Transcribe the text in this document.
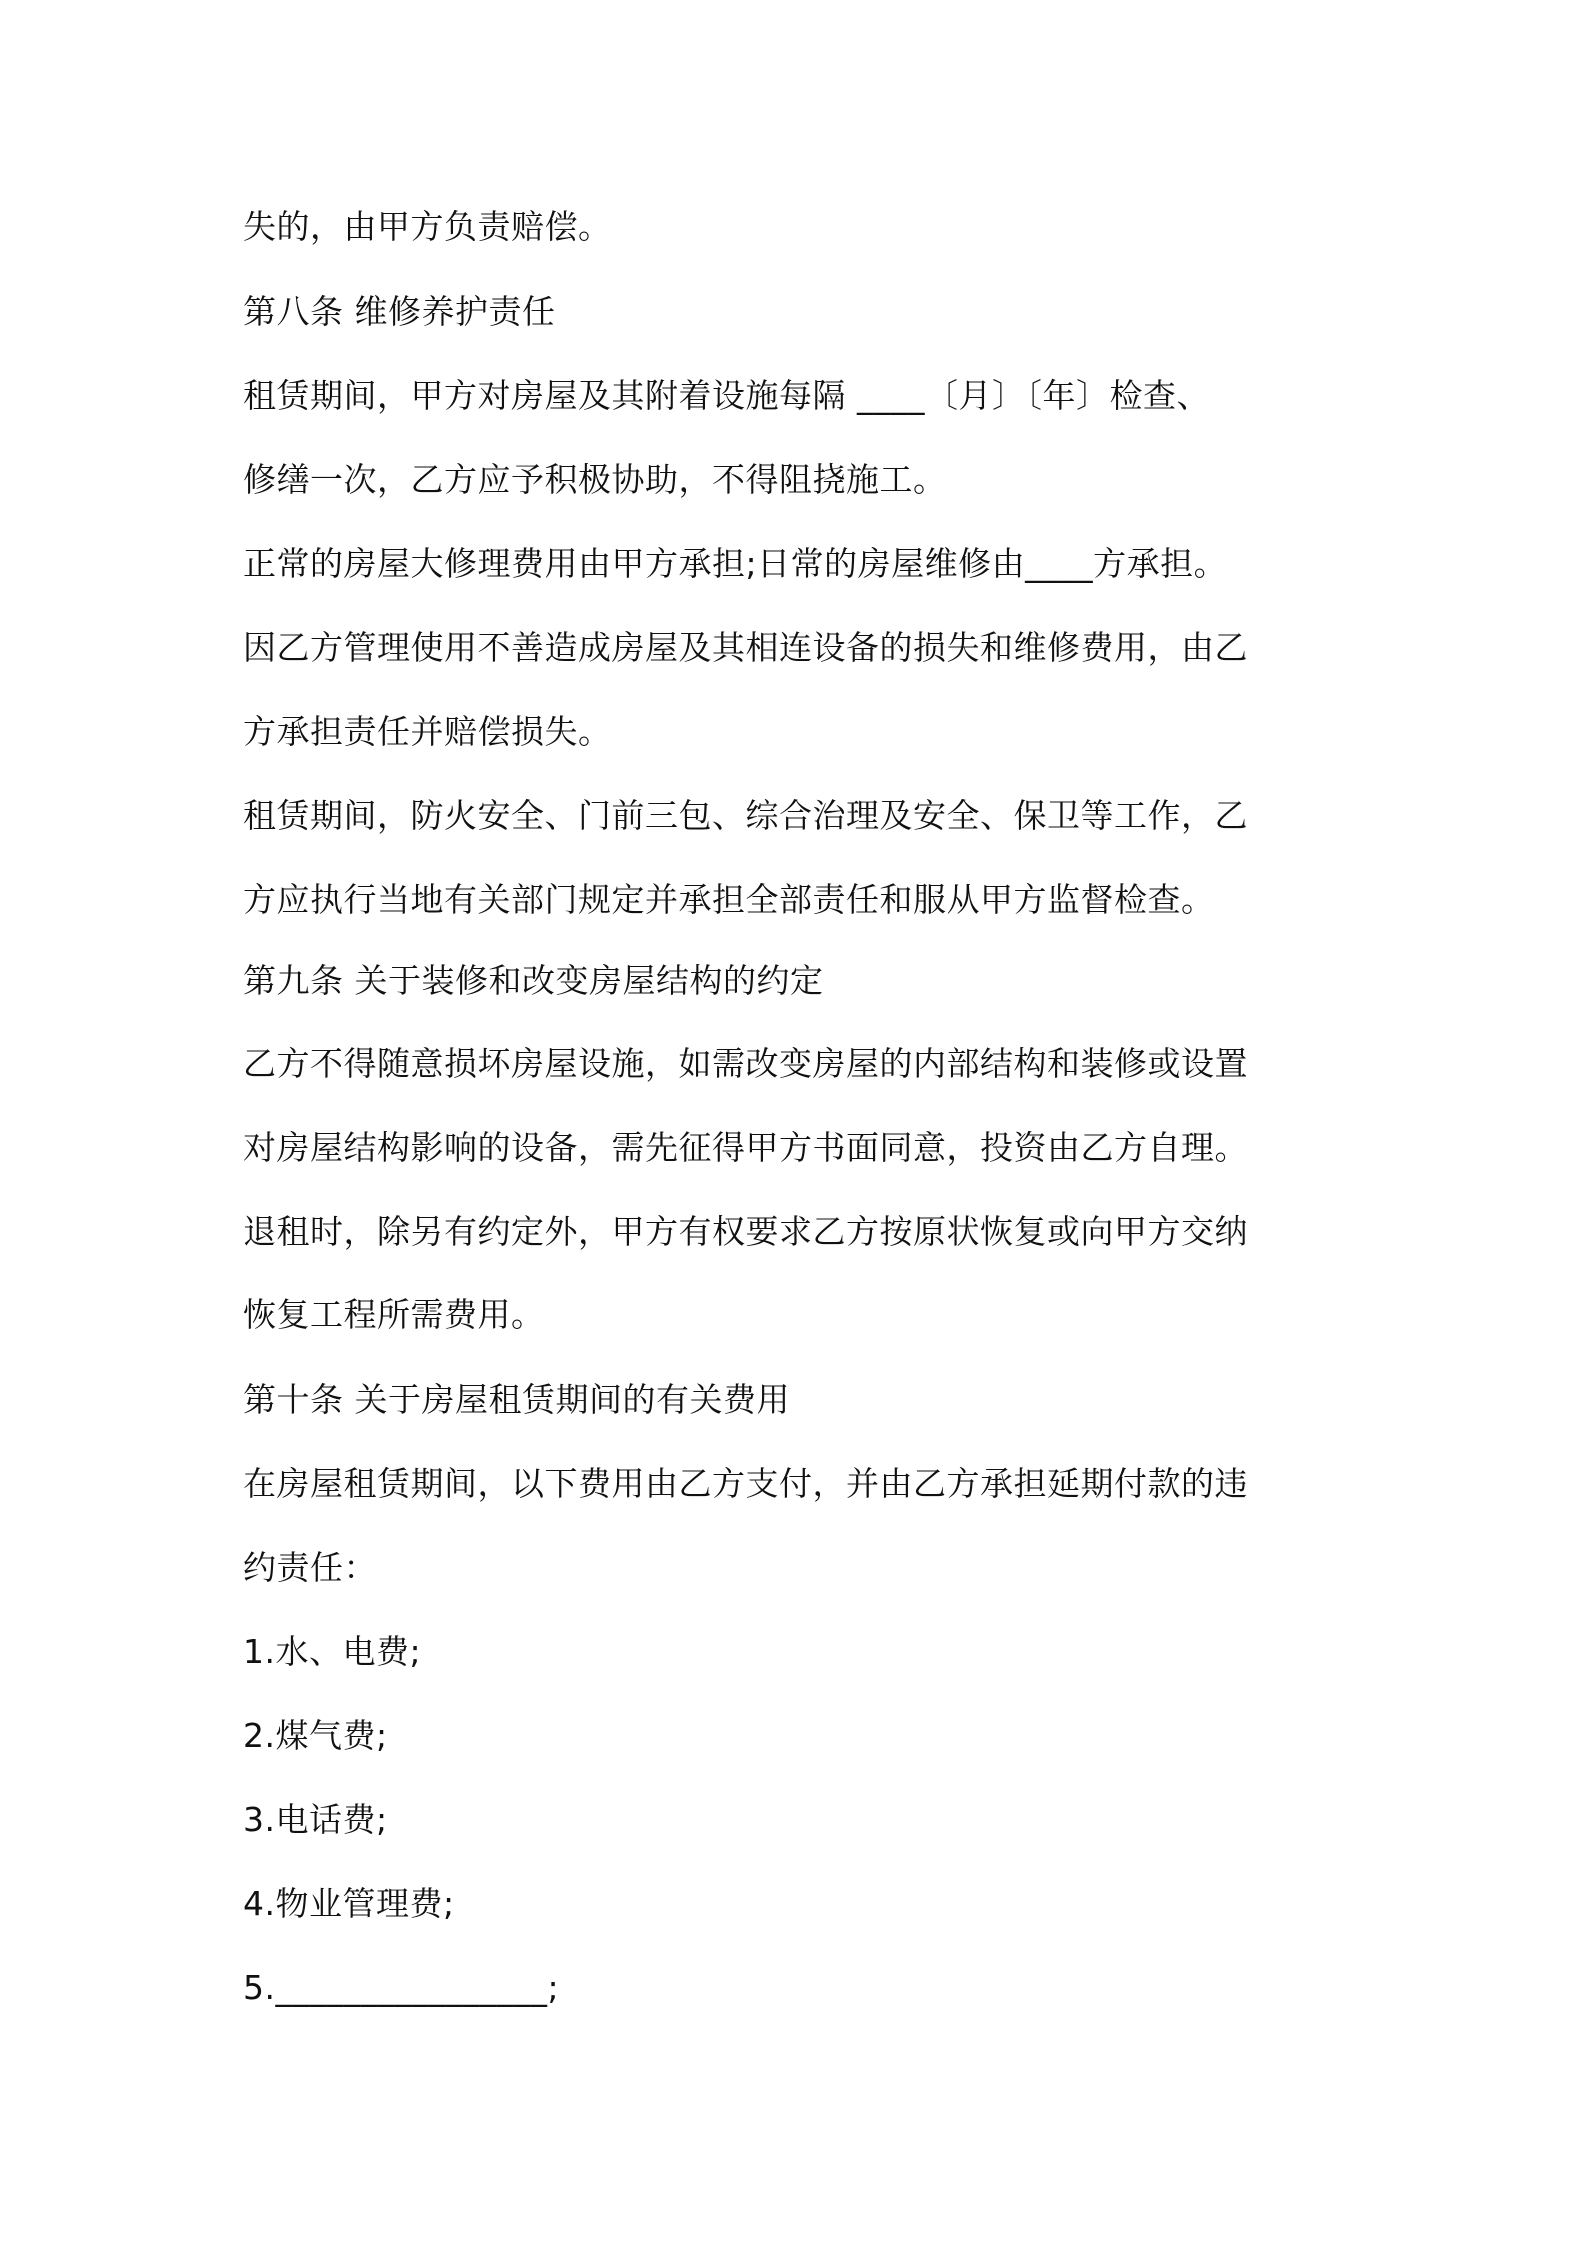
失的，由甲方负责赔偿。
第八条 维修养护责任
租赁期间，甲方对房屋及其附着设施每隔 ____〔月〕〔年〕检查、
修缮一次，乙方应予积极协助，不得阻挠施工。
正常的房屋大修理费用由甲方承担;日常的房屋维修由____方承担。
因乙方管理使用不善造成房屋及其相连设备的损失和维修费用，由乙
方承担责任并赔偿损失。
租赁期间，防火安全、门前三包、综合治理及安全、保卫等工作，乙
方应执行当地有关部门规定并承担全部责任和服从甲方监督检查。
第九条 关于装修和改变房屋结构的约定
乙方不得随意损坏房屋设施，如需改变房屋的内部结构和装修或设置
对房屋结构影响的设备，需先征得甲方书面同意，投资由乙方自理。
退租时，除另有约定外，甲方有权要求乙方按原状恢复或向甲方交纳
恢复工程所需费用。
第十条 关于房屋租赁期间的有关费用
在房屋租赁期间，以下费用由乙方支付，并由乙方承担延期付款的违
约责任：
1.水、电费;
2.煤气费;
3.电话费;
4.物业管理费;
5.________________;
